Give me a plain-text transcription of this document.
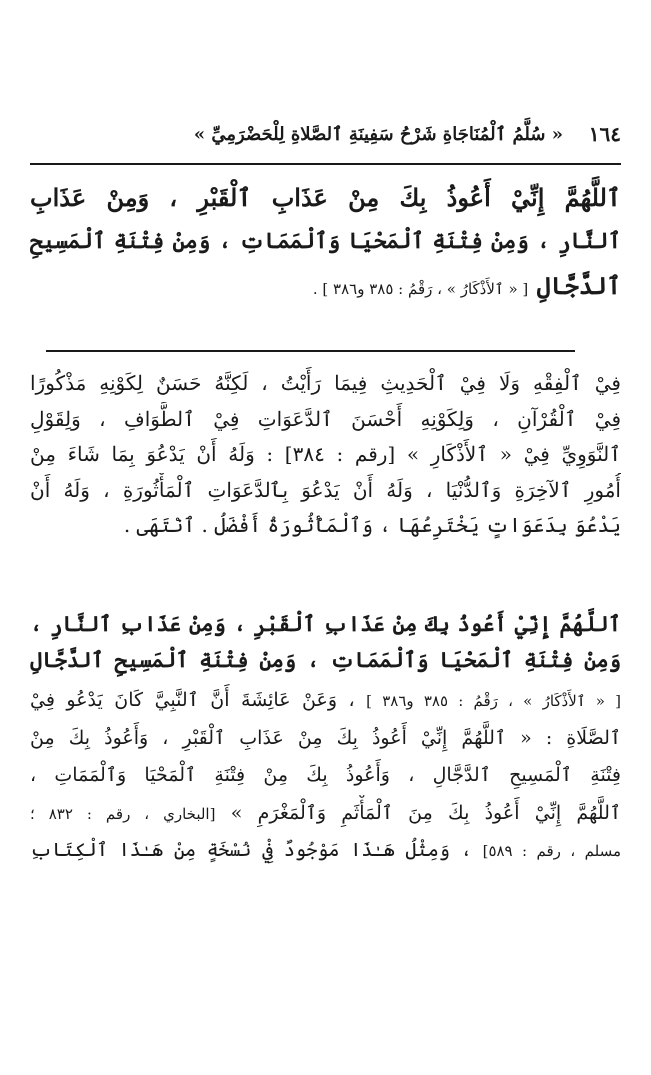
١٦٤
« سُلَّمُ ٱلْمُنَاجَاةِ شَرْحُ سَفِينَةِ ٱلصَّلاةِ لِلْحَضْرَمِيِّ »
ٱللَّهُمَّ إِنِّيْ أَعُوذُ بِكَ مِنْ عَذَابِ ٱلْقَبْرِ ، وَمِنْ عَذَابِ
ٱلنَّارِ ، وَمِنْ فِتْنَةِ ٱلْمَحْيَا وَٱلْمَمَاتِ ، وَمِنْ فِتْنَةِ ٱلْمَسِيحِ
ٱلدَّجَّالِ [ « ٱلأَذْكَارُ » ، رَقْمُ : ٣٨٥ و٣٨٦ ] .
فِيْ ٱلْفِقْهِ وَلَا فِيْ ٱلْحَدِيثِ فِيمَا رَأَيْتُ ، لَكِنَّهُ حَسَنٌ لِكَوْنِهِ مَذْكُورًا
فِيْ ٱلْقُرْآنِ ، وَلِكَوْنِهِ أَحْسَنَ ٱلدَّعَوَاتِ فِيْ ٱلطَّوَافِ ، وَلِقَوْلِ
ٱلنَّوَوِيِّ فِيْ « ٱلأَذْكَارِ » [رقم : ٣٨٤] : وَلَهُ أَنْ يَدْعُوَ بِمَا شَاءَ مِنْ
أُمُورِ ٱلآخِرَةِ وَٱلدُّنْيَا ، وَلَهُ أَنْ يَدْعُوَ بِٱلدَّعَوَاتِ ٱلْمَأْثُورَةِ ، وَلَهُ أَنْ
يَدْعُوَ بِدَعَوَاتٍ يَخْتَرِعُهَا ، وَٱلْمَأْثُورَةُ أَفْضَلُ . ٱنْتَهَى .
ٱللَّهُمَّ إِنِّيْ أَعُوذُ بِكَ مِنْ عَذَابِ ٱلْقَبْرِ ، وَمِنْ عَذَابِ ٱلنَّارِ ،
وَمِنْ فِتْنَةِ ٱلْمَحْيَا وَٱلْمَمَاتِ ، وَمِنْ فِتْنَةِ ٱلْمَسِيحِ ٱلدَّجَّالِ
[ « ٱلأَذْكَارُ » ، رَقْمُ : ٣٨٥ و٣٨٦ ] ، وَعَنْ عَائِشَةَ أَنَّ ٱلنَّبِيَّ كَانَ يَدْعُو فِيْ
ٱلصَّلَاةِ : « ٱللَّهُمَّ إِنِّيْ أَعُوذُ بِكَ مِنْ عَذَابِ ٱلْقَبْرِ ، وَأَعُوذُ بِكَ مِنْ
فِتْنَةِ ٱلْمَسِيحِ ٱلدَّجَّالِ ، وَأَعُوذُ بِكَ مِنْ فِتْنَةِ ٱلْمَحْيَا وَٱلْمَمَاتِ ،
ٱللَّهُمَّ إِنِّيْ أَعُوذُ بِكَ مِنَ ٱلْمَأْثَمِ وَٱلْمَغْرَمِ » [البخاري ، رقم : ٨٣٢ ؛
مسلم ، رقم : ٥٨٩] ، وَمِثْلُ هَـٰذَا مَوْجُودٌ فِيْ نُسْخَةٍ مِنْ هَـٰذَا ٱلْكِتَابِ
